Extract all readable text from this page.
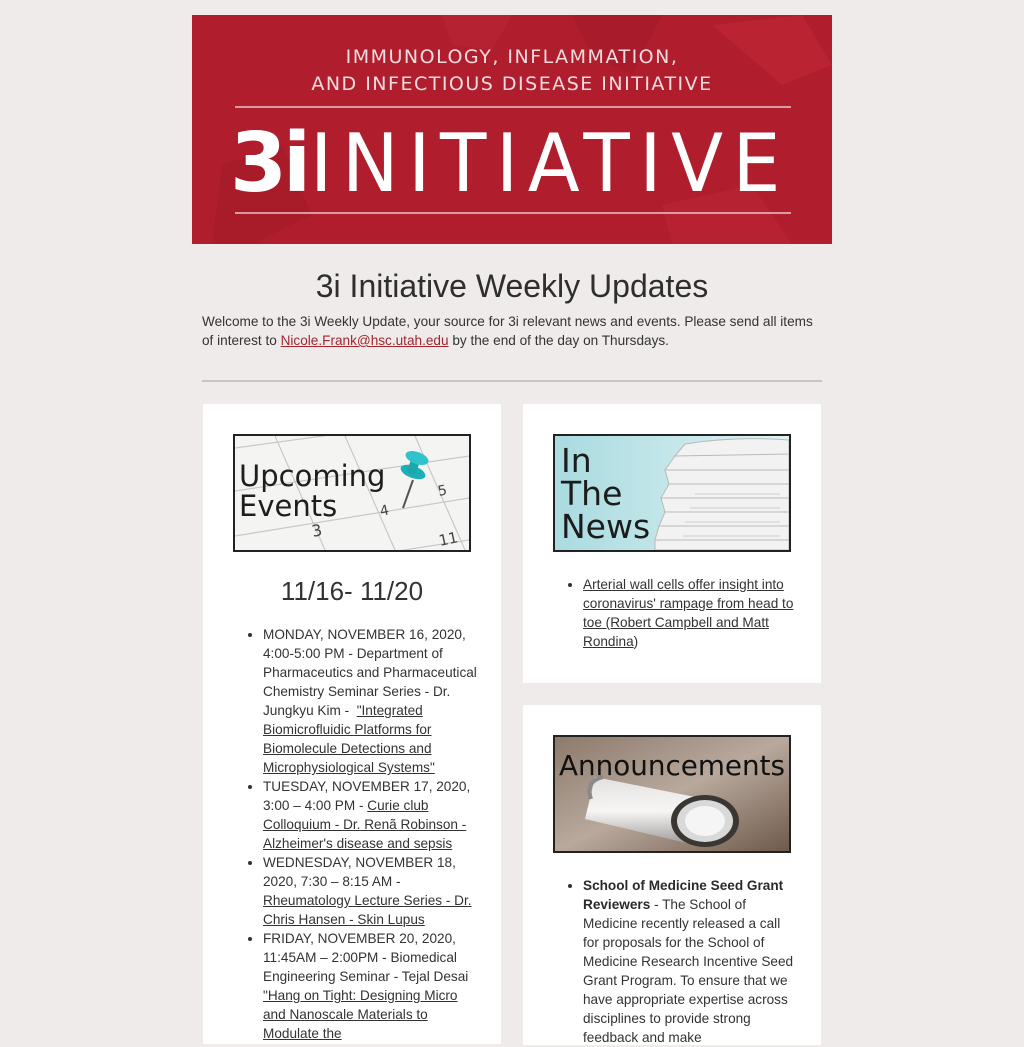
IMMUNOLOGY, INFLAMMATION,
AND INFECTIOUS DISEASE INITIATIVE
3i INITIATIVE
3i Initiative Weekly Updates

Welcome to the 3i Weekly Update, your source for 3i relevant news and events. Please send all items of interest to Nicole.Frank@hsc.utah.edu by the end of the day on Thursdays.

3
4
5
11
Upcoming
Events
11/16- 11/20
• MONDAY, NOVEMBER 16, 2020, 4:00-5:00 PM - Department of Pharmaceutics and Pharmaceutical Chemistry Seminar Series - Dr. Jungkyu Kim -  "Integrated Biomicrofluidic Platforms for Biomolecule Detections and Microphysiological Systems"
• TUESDAY, NOVEMBER 17, 2020, 3:00 – 4:00 PM - Curie club Colloquium - Dr. Renã Robinson - Alzheimer's disease and sepsis
• WEDNESDAY, NOVEMBER 18, 2020, 7:30 – 8:15 AM - Rheumatology Lecture Series - Dr. Chris Hansen - Skin Lupus
• FRIDAY, NOVEMBER 20, 2020, 11:45AM – 2:00PM - Biomedical Engineering Seminar - Tejal Desai "Hang on Tight: Designing Micro and Nanoscale Materials to Modulate the
In
The
News
• Arterial wall cells offer insight into coronavirus' rampage from head to toe (Robert Campbell and Matt Rondina)
Announcements
• School of Medicine Seed Grant Reviewers - The School of Medicine recently released a call for proposals for the School of Medicine Research Incentive Seed Grant Program. To ensure that we have appropriate expertise across disciplines to provide strong feedback and make
